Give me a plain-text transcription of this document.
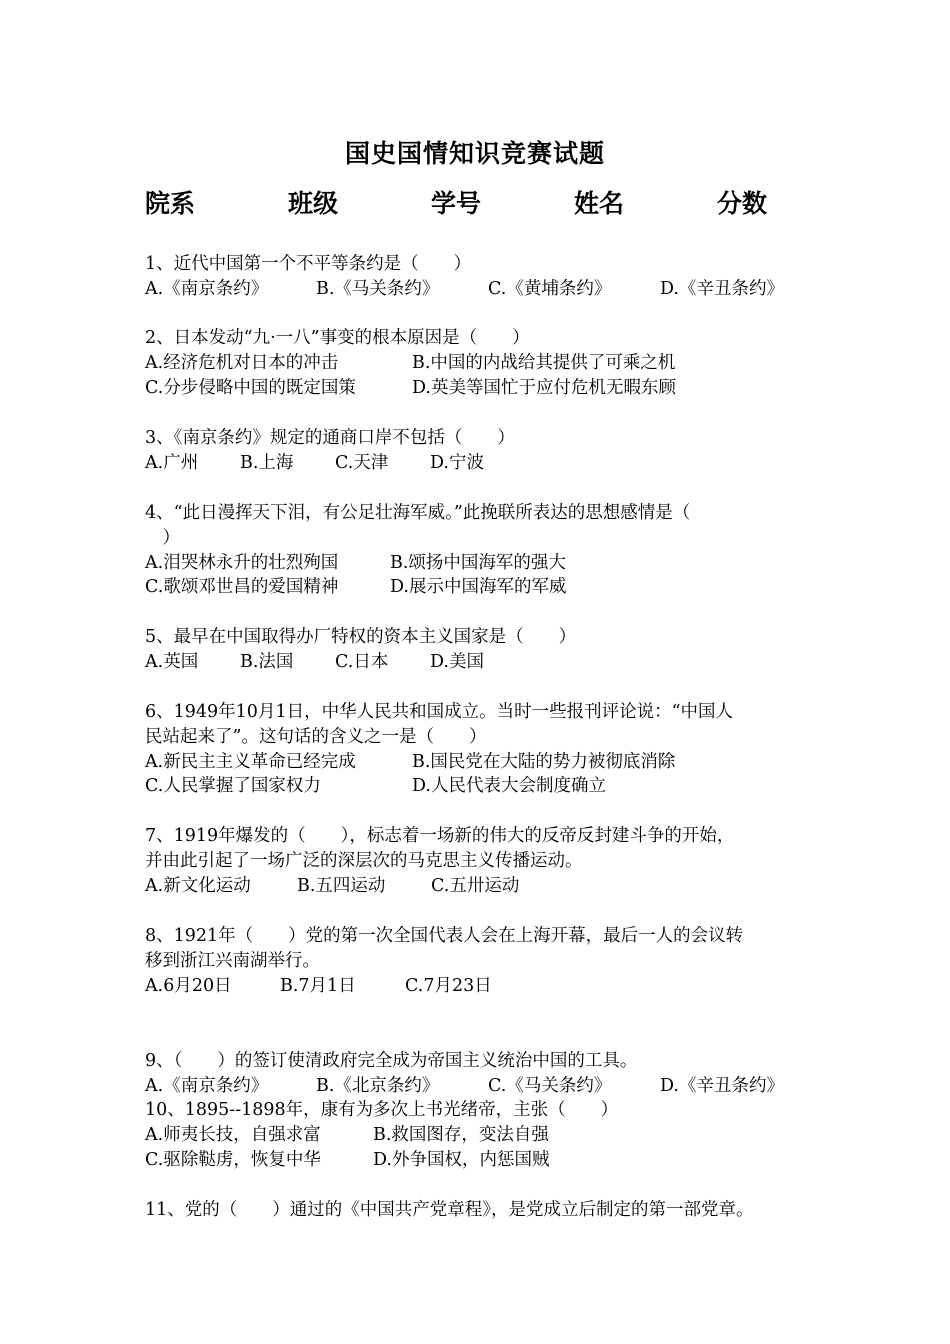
国史国情知识竞赛试题
院系	班级	学号	姓名	分数
1、近代中国第一个不平等条约是（　　）
A.《南京条约》	B.《马关条约》	C.《黄埔条约》	D.《辛丑条约》
2、日本发动“九·一八”事变的根本原因是（　　）
A.经济危机对日本的冲击	B.中国的内战给其提供了可乘之机
C.分步侵略中国的既定国策	D.英美等国忙于应付危机无暇东顾
3、《南京条约》规定的通商口岸不包括（　　）
A.广州 B.上海 C.天津 D.宁波
4、“此日漫挥天下泪，有公足壮海军威。”此挽联所表达的思想感情是（
　）
A.泪哭林永升的壮烈殉国	B.颂扬中国海军的强大
C.歌颂邓世昌的爱国精神	D.展示中国海军的军威
5、最早在中国取得办厂特权的资本主义国家是（　　）
A.英国 B.法国 C.日本 D.美国
6、1949年10月1日，中华人民共和国成立。当时一些报刊评论说：“中国人
民站起来了”。这句话的含义之一是（　　）
A.新民主主义革命已经完成	B.国民党在大陆的势力被彻底消除
C.人民掌握了国家权力	D.人民代表大会制度确立
7、1919年爆发的（　　），标志着一场新的伟大的反帝反封建斗争的开始，
并由此引起了一场广泛的深层次的马克思主义传播运动。
A.新文化运动	B.五四运动	C.五卅运动
8、1921年（　　）党的第一次全国代表人会在上海开幕，最后一人的会议转
移到浙江兴南湖举行。
A.6月20日	B.7月1日	C.7月23日
9、（　　）的签订使清政府完全成为帝国主义统治中国的工具。
A.《南京条约》	B.《北京条约》	C.《马关条约》	D.《辛丑条约》
10、1895--1898年，康有为多次上书光绪帝，主张（　　）
A.师夷长技，自强求富	B.救国图存，变法自强
C.驱除鞑虏，恢复中华	D.外争国权，内惩国贼
11、党的（　　）通过的《中国共产党章程》，是党成立后制定的第一部党章。
